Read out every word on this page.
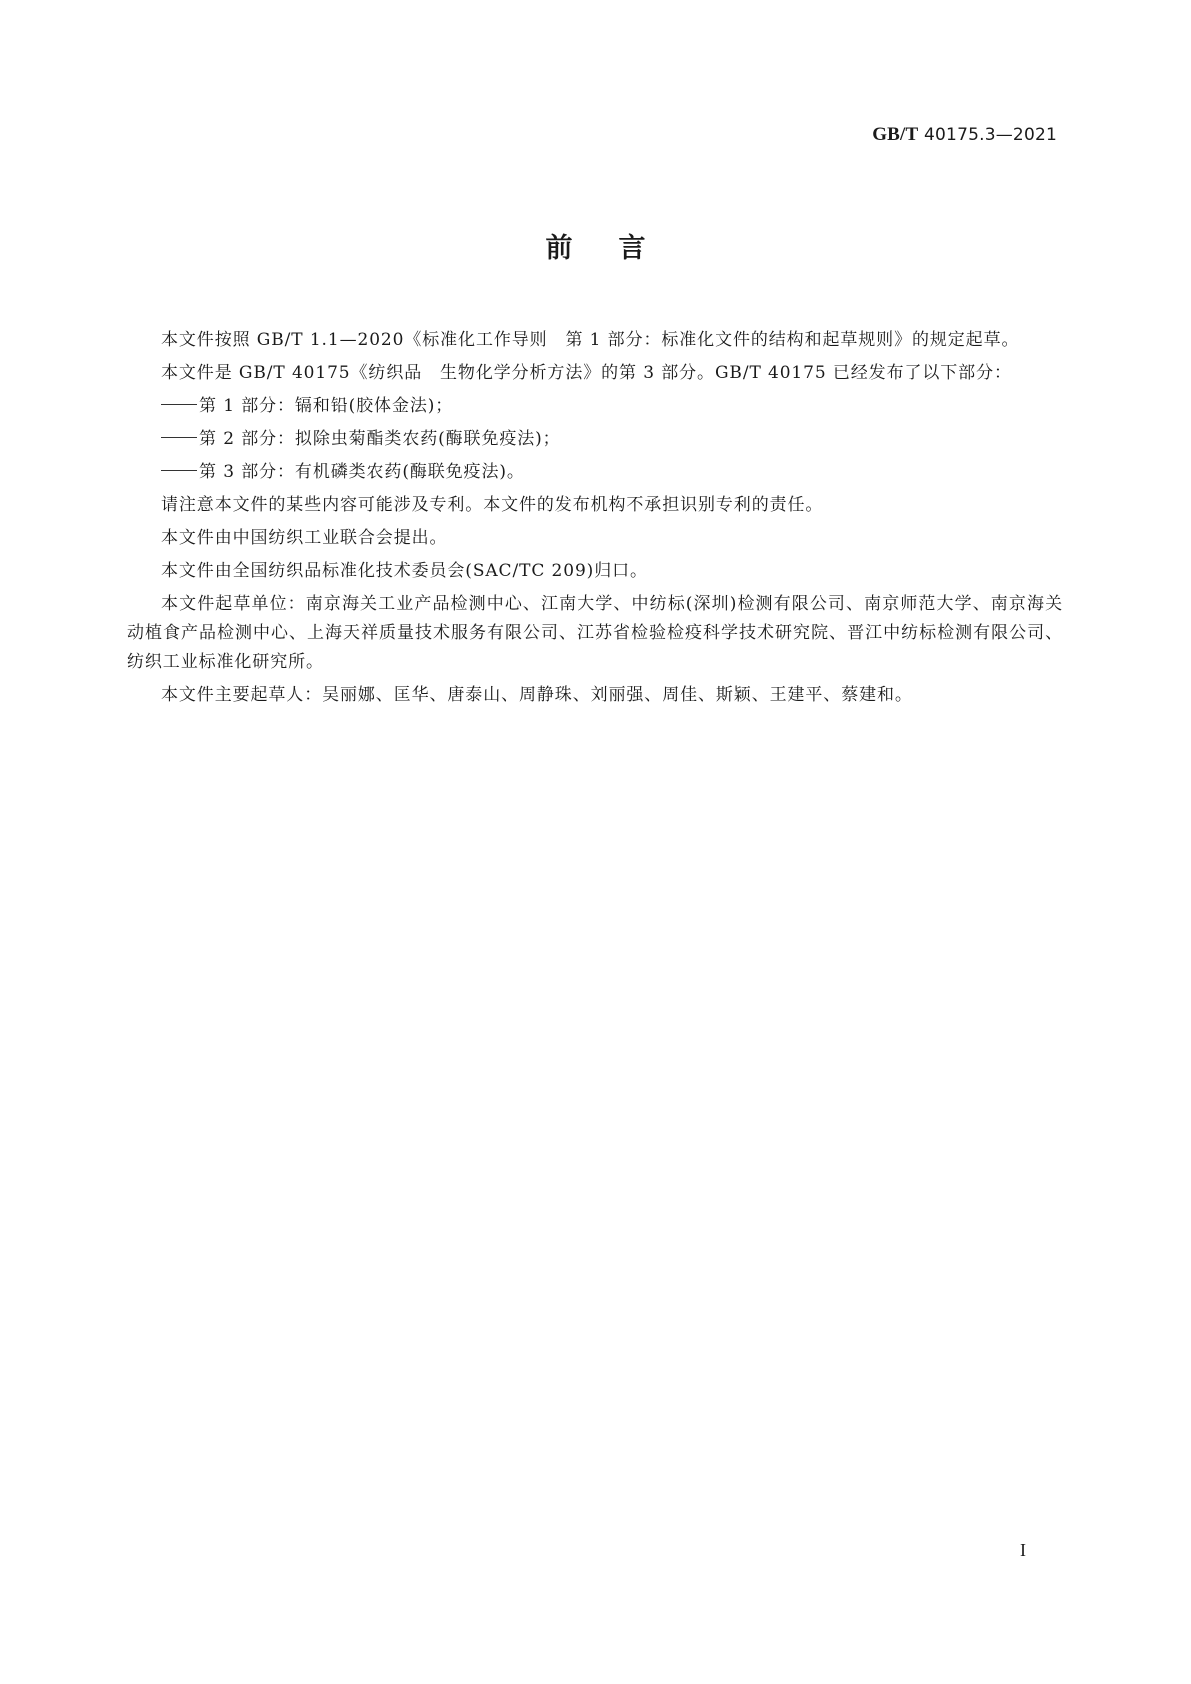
GB/T 40175.3—2021
前言

本文件按照 GB/T 1.1—2020《标准化工作导则　第 1 部分：标准化文件的结构和起草规则》的规定起草。

本文件是 GB/T 40175《纺织品　生物化学分析方法》的第 3 部分。GB/T 40175 已经发布了以下部分：

第 1 部分：镉和铅(胶体金法)；
第 2 部分：拟除虫菊酯类农药(酶联免疫法)；
第 3 部分：有机磷类农药(酶联免疫法)。

请注意本文件的某些内容可能涉及专利。本文件的发布机构不承担识别专利的责任。

本文件由中国纺织工业联合会提出。

本文件由全国纺织品标准化技术委员会(SAC/TC 209)归口。

本文件起草单位：南京海关工业产品检测中心、江南大学、中纺标(深圳)检测有限公司、南京师范大学、南京海关动植食产品检测中心、上海天祥质量技术服务有限公司、江苏省检验检疫科学技术研究院、晋江中纺标检测有限公司、纺织工业标准化研究所。

本文件主要起草人：吴丽娜、匡华、唐泰山、周静珠、刘丽强、周佳、斯颖、王建平、蔡建和。

I
